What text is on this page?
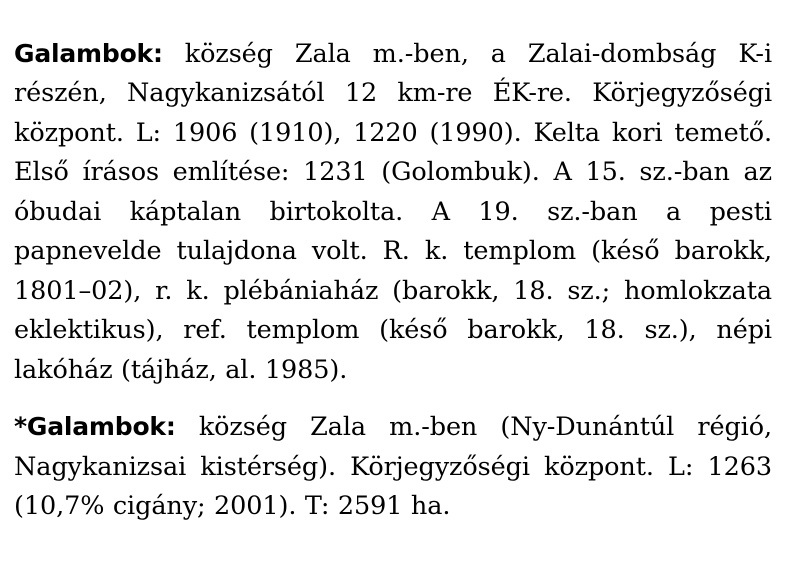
Galambok: község Zala m.-ben, a Zalai-dombság K-i részén, Nagykanizsától 12 km-re ÉK-re. Körjegyzőségi központ. L: 1906 (1910), 1220 (1990). Kelta kori temető. Első írásos említése: 1231 (Golombuk). A 15. sz.-ban az óbudai káptalan birtokolta. A 19. sz.-ban a pesti papnevelde tulajdona volt. R. k. templom (késő barokk, 1801–02), r. k. plébániaház (barokk, 18. sz.; homlokzata eklektikus), ref. templom (késő barokk, 18. sz.), népi lakóház (tájház, al. 1985).

*Galambok: község Zala m.-ben (Ny-Dunántúl régió, Nagykanizsai kistérség). Körjegyzőségi központ. L: 1263 (10,7% cigány; 2001). T: 2591 ha.
